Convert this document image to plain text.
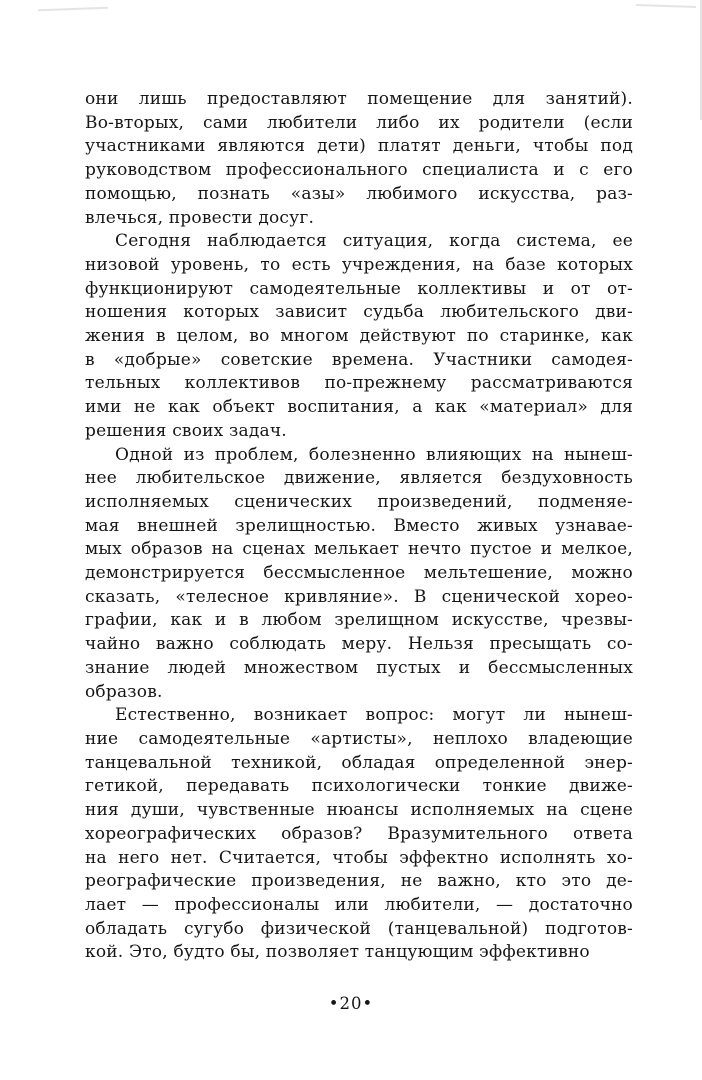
они лишь предоставляют помещение для занятий).
Во-вторых, сами любители либо их родители (если
участниками являются дети) платят деньги, чтобы под
руководством профессионального специалиста и с его
помощью, познать «азы» любимого искусства, раз-
влечься, провести досуг.
Сегодня наблюдается ситуация, когда система, ее
низовой уровень, то есть учреждения, на базе которых
функционируют самодеятельные коллективы и от от-
ношения которых зависит судьба любительского дви-
жения в целом, во многом действуют по старинке, как
в «добрые» советские времена. Участники самодея-
тельных коллективов по-прежнему рассматриваются
ими не как объект воспитания, а как «материал» для
решения своих задач.
Одной из проблем, болезненно влияющих на нынеш-
нее любительское движение, является бездуховность
исполняемых сценических произведений, подменяе-
мая внешней зрелищностью. Вместо живых узнавае-
мых образов на сценах мелькает нечто пустое и мелкое,
демонстрируется бессмысленное мельтешение, можно
сказать, «телесное кривляние». В сценической хорео-
графии, как и в любом зрелищном искусстве, чрезвы-
чайно важно соблюдать меру. Нельзя пресыщать со-
знание людей множеством пустых и бессмысленных
образов.
Естественно, возникает вопрос: могут ли нынеш-
ние самодеятельные «артисты», неплохо владеющие
танцевальной техникой, обладая определенной энер-
гетикой, передавать психологически тонкие движе-
ния души, чувственные нюансы исполняемых на сцене
хореографических образов? Вразумительного ответа
на него нет. Считается, чтобы эффектно исполнять хо-
реографические произведения, не важно, кто это де-
лает — профессионалы или любители, — достаточно
обладать сугубо физической (танцевальной) подготов-
кой. Это, будто бы, позволяет танцующим эффективно
•20•
